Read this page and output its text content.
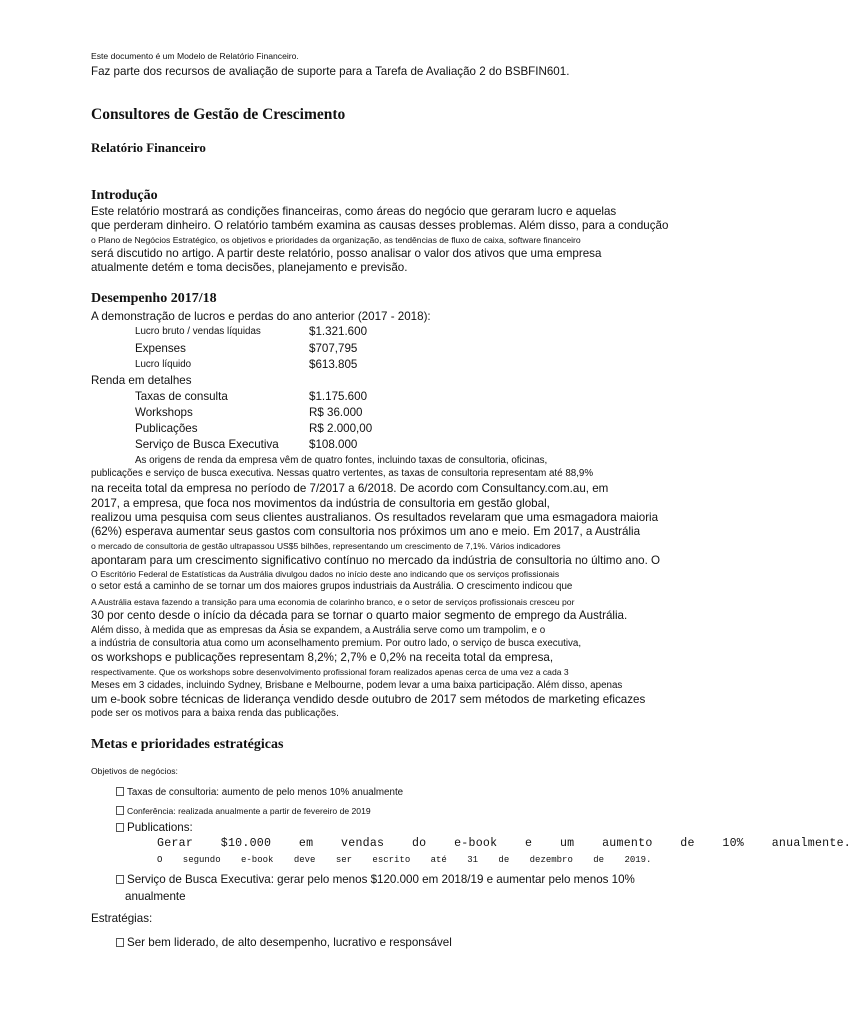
Este documento é um Modelo de Relatório Financeiro.
Faz parte dos recursos de avaliação de suporte para a Tarefa de Avaliação 2 do BSBFIN601.
Consultores de Gestão de Crescimento
Relatório Financeiro
Introdução
Este relatório mostrará as condições financeiras, como áreas do negócio que geraram lucro e aquelas
que perderam dinheiro. O relatório também examina as causas desses problemas. Além disso, para a condução
o Plano de Negócios Estratégico, os objetivos e prioridades da organização, as tendências de fluxo de caixa, software financeiro
será discutido no artigo. A partir deste relatório, posso analisar o valor dos ativos que uma empresa
atualmente detém e toma decisões, planejamento e previsão.
Desempenho 2017/18
A demonstração de lucros e perdas do ano anterior (2017 - 2018):
Lucro bruto / vendas líquidas	$1.321.600
Expenses	$707,795
Lucro líquido	$613.805
Renda em detalhes
Taxas de consulta	$1.175.600
Workshops	R$ 36.000
Publicações	R$ 2.000,00
Serviço de Busca Executiva	$108.000
As origens de renda da empresa vêm de quatro fontes, incluindo taxas de consultoria, oficinas,
publicações e serviço de busca executiva. Nessas quatro vertentes, as taxas de consultoria representam até 88,9%
na receita total da empresa no período de 7/2017 a 6/2018. De acordo com Consultancy.com.au, em
2017, a empresa, que foca nos movimentos da indústria de consultoria em gestão global,
realizou uma pesquisa com seus clientes australianos. Os resultados revelaram que uma esmagadora maioria
(62%) esperava aumentar seus gastos com consultoria nos próximos um ano e meio. Em 2017, a Austrália
o mercado de consultoria de gestão ultrapassou US$5 bilhões, representando um crescimento de 7,1%. Vários indicadores
apontaram para um crescimento significativo contínuo no mercado da indústria de consultoria no último ano. O
O Escritório Federal de Estatísticas da Austrália divulgou dados no início deste ano indicando que os serviços profissionais
o setor está a caminho de se tornar um dos maiores grupos industriais da Austrália. O crescimento indicou que
A Austrália estava fazendo a transição para uma economia de colarinho branco, e o setor de serviços profissionais cresceu por
30 por cento desde o início da década para se tornar o quarto maior segmento de emprego da Austrália.
Além disso, à medida que as empresas da Ásia se expandem, a Austrália serve como um trampolim, e o
a indústria de consultoria atua como um aconselhamento premium. Por outro lado, o serviço de busca executiva,
os workshops e publicações representam 8,2%; 2,7% e 0,2% na receita total da empresa,
respectivamente. Que os workshops sobre desenvolvimento profissional foram realizados apenas cerca de uma vez a cada 3
Meses em 3 cidades, incluindo Sydney, Brisbane e Melbourne, podem levar a uma baixa participação. Além disso, apenas
um e-book sobre técnicas de liderança vendido desde outubro de 2017 sem métodos de marketing eficazes
pode ser os motivos para a baixa renda das publicações.
Metas e prioridades estratégicas
Objetivos de negócios:
Taxas de consultoria: aumento de pelo menos 10% anualmente
Conferência: realizada anualmente a partir de fevereiro de 2019
Publications:
Gerar $10.000 em vendas do e-book e um aumento de 10% anualmente.
O segundo e-book deve ser escrito até 31 de dezembro de 2019.
Serviço de Busca Executiva: gerar pelo menos $120.000 em 2018/19 e aumentar pelo menos 10%
anualmente
Estratégias:
Ser bem liderado, de alto desempenho, lucrativo e responsável
